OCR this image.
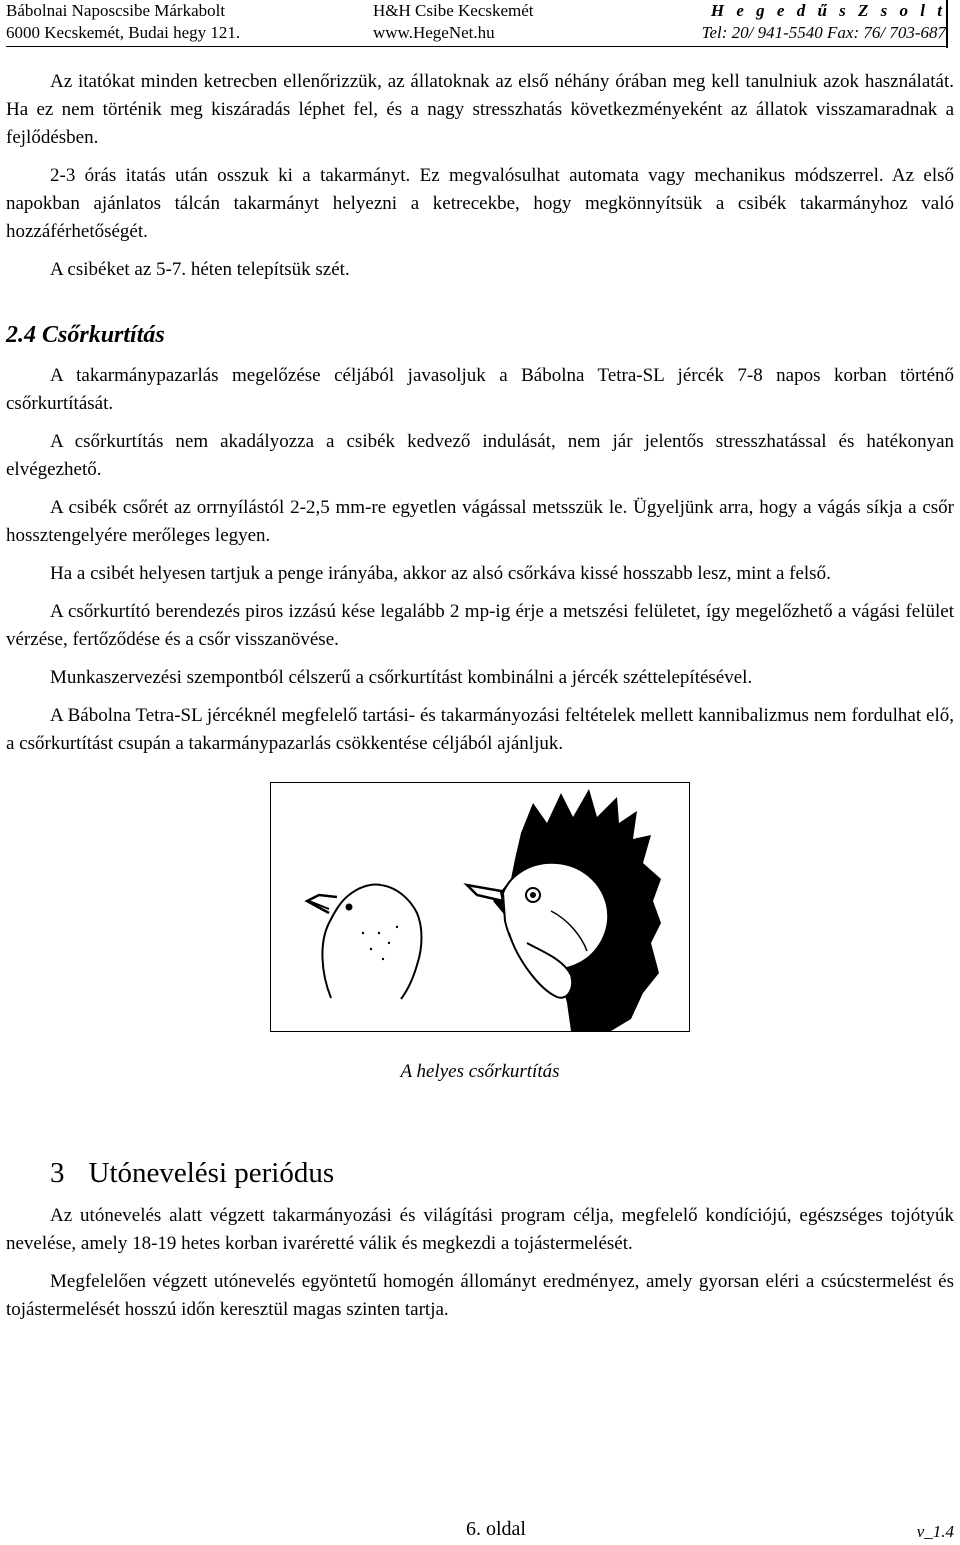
Bábolnai Naposcsibe Márkabolt
6000 Kecskemét, Budai hegy 121.
H&H Csibe Kecskemét
www.HegeNet.hu
H e g e d ű s Z s o l t
Tel: 20/ 941-5540 Fax: 76/ 703-687

Az itatókat minden ketrecben ellenőrizzük, az állatoknak az első néhány órában meg kell tanulniuk azok használatát. Ha ez nem történik meg kiszáradás léphet fel, és a nagy stresszhatás következményeként az állatok visszamaradnak a fejlődésben.

2-3 órás itatás után osszuk ki a takarmányt. Ez megvalósulhat automata vagy mechanikus módszerrel. Az első napokban ajánlatos tálcán takarmányt helyezni a ketrecekbe, hogy megkönnyítsük a csibék takarmányhoz való hozzáférhetőségét.

A csibéket az 5-7. héten telepítsük szét.

2.4 Csőrkurtítás

A takarmánypazarlás megelőzése céljából javasoljuk a Bábolna Tetra-SL jércék 7-8 napos korban történő csőrkurtítását.

A csőrkurtítás nem akadályozza a csibék kedvező indulását, nem jár jelentős stresszhatással és hatékonyan elvégezhető.

A csibék csőrét az orrnyílástól 2-2,5 mm-re egyetlen vágással metsszük le. Ügyeljünk arra, hogy a vágás síkja a csőr hossztengelyére merőleges legyen.

Ha a csibét helyesen tartjuk a penge irányába, akkor az alsó csőrkáva kissé hosszabb lesz, mint a felső.

A csőrkurtító berendezés piros izzású kése legalább 2 mp-ig érje a metszési felületet, így megelőzhető a vágási felület vérzése, fertőződése és a csőr visszanövése.

Munkaszervezési szempontból célszerű a csőrkurtítást kombinálni a jércék széttelepítésével.

A Bábolna Tetra-SL jércéknél megfelelő tartási- és takarmányozási feltételek mellett kannibalizmus nem fordulhat elő, a csőrkurtítást csupán a takarmánypazarlás csökkentése céljából ajánljuk.

A helyes csőrkurtítás

3 Utónevelési periódus

Az utónevelés alatt végzett takarmányozási és világítási program célja, megfelelő kondíciójú, egészséges tojótyúk nevelése, amely 18-19 hetes korban ivaréretté válik és megkezdi a tojástermelését.

Megfelelően végzett utónevelés egyöntetű homogén állományt eredményez, amely gyorsan eléri a csúcstermelést és tojástermelését hosszú időn keresztül magas szinten tartja.

6. oldal	v_1.4
